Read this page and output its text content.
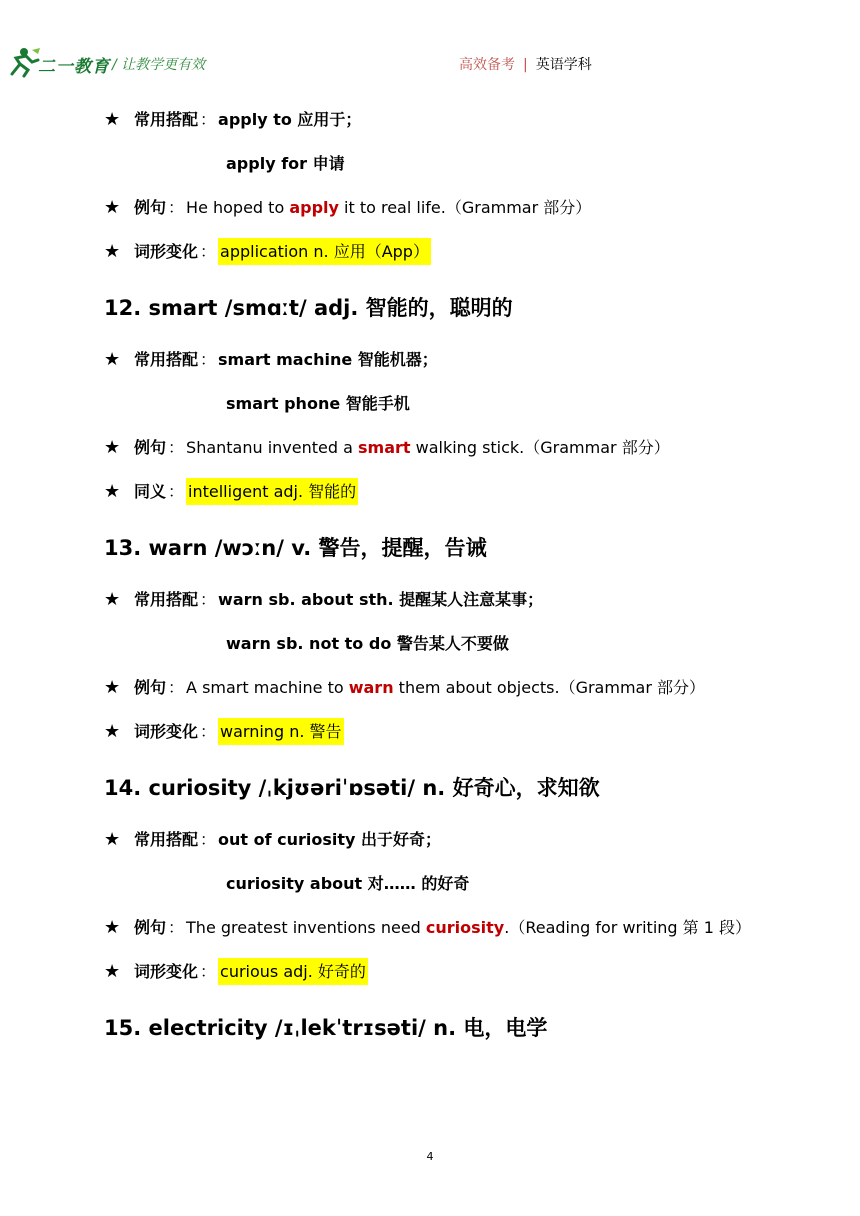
二一教育 / 让教学更有效	高效备考 | 英语学科
★ 常用搭配 ： apply to 应用于；
apply for 申请
★ 例句 ： He hoped to apply it to real life.（Grammar 部分）
★ 词形变化 ： application n. 应用（App）
12. smart /smɑːt/ adj. 智能的，聪明的
★ 常用搭配 ： smart machine 智能机器；
smart phone 智能手机
★ 例句 ： Shantanu invented a smart walking stick.（Grammar 部分）
★ 同义 ： intelligent adj. 智能的
13. warn /wɔːn/ v. 警告，提醒，告诫
★ 常用搭配 ： warn sb. about sth. 提醒某人注意某事；
warn sb. not to do 警告某人不要做
★ 例句 ： A smart machine to warn them about objects.（Grammar 部分）
★ 词形变化 ： warning n. 警告
14. curiosity /ˌkjʊəriˈɒsəti/ n. 好奇心，求知欲
★ 常用搭配 ： out of curiosity 出于好奇；
curiosity about 对…… 的好奇
★ 例句 ： The greatest inventions need curiosity.（Reading for writing 第 1 段）
★ 词形变化 ： curious adj. 好奇的
15. electricity /ɪˌlekˈtrɪsəti/ n. 电，电学
4
